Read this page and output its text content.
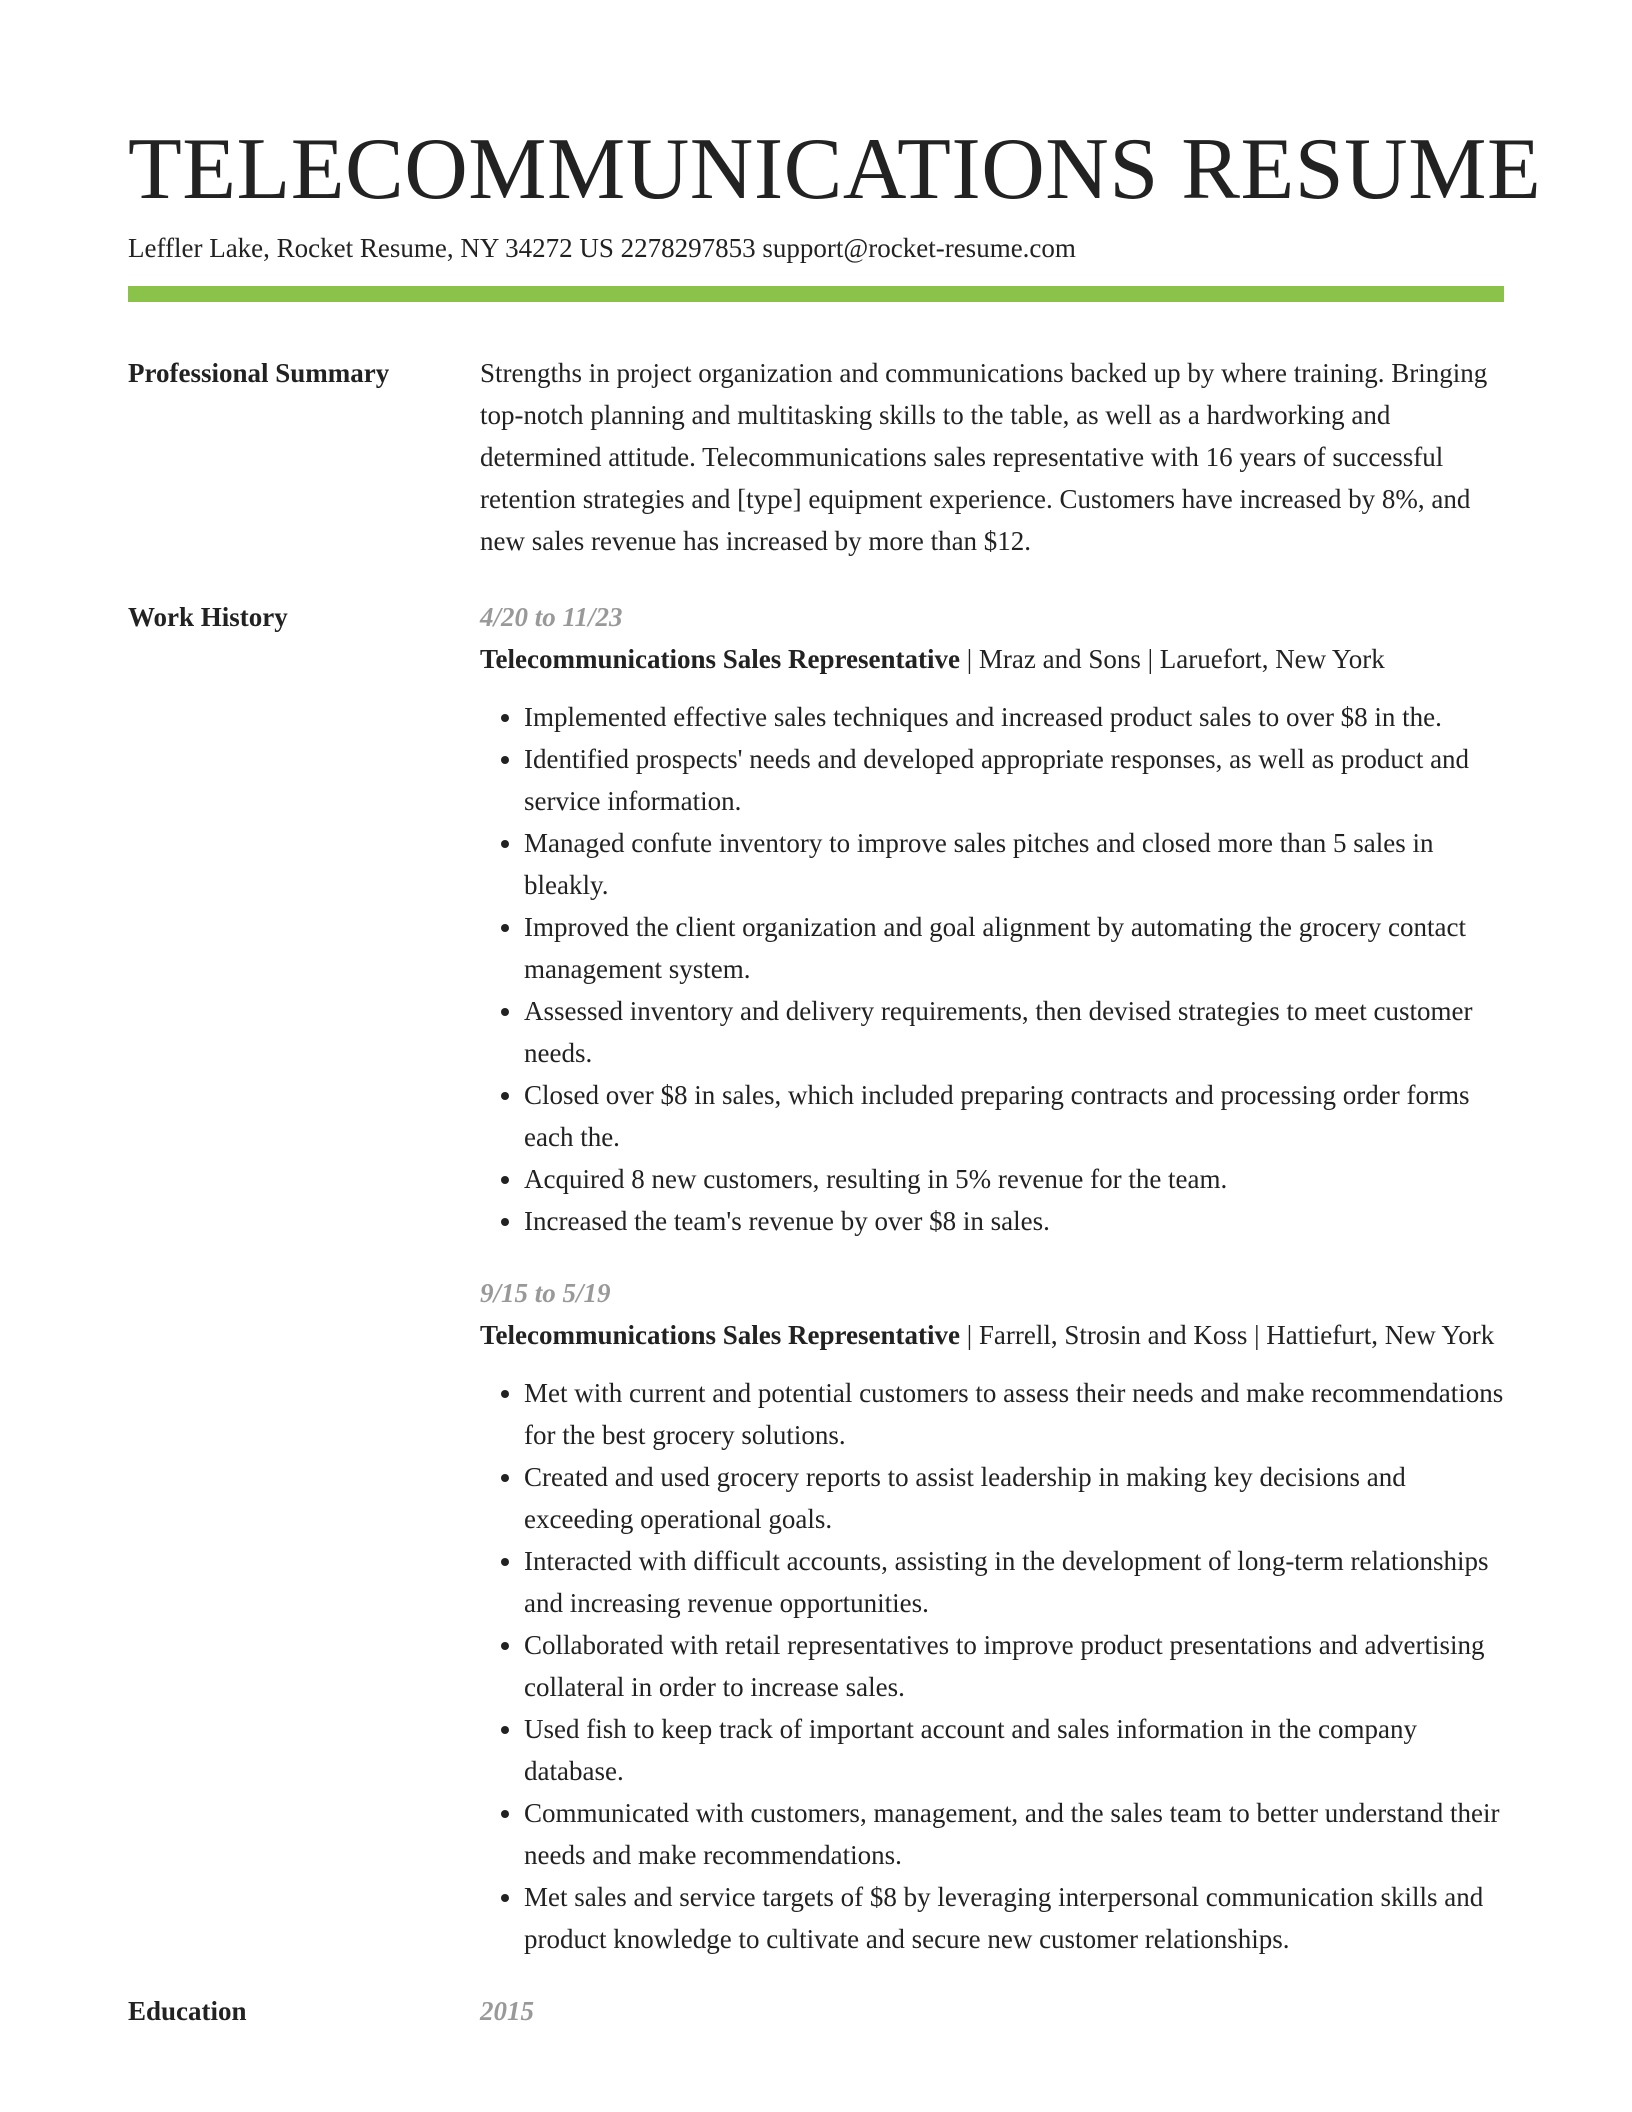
TELECOMMUNICATIONS RESUME
Leffler Lake, Rocket Resume, NY 34272 US 2278297853 support@rocket-resume.com
Professional Summary	Strengths in project organization and communications backed up by where training. Bringing top-notch planning and multitasking skills to the table, as well as a hardworking and determined attitude. Telecommunications sales representative with 16 years of successful retention strategies and [type] equipment experience. Customers have increased by 8%, and new sales revenue has increased by more than $12.
Work History	4/20 to 11/23

Telecommunications Sales Representative | Mraz and Sons | Laruefort, New York

• Implemented effective sales techniques and increased product sales to over $8 in the.
• Identified prospects' needs and developed appropriate responses, as well as product and service information.
• Managed confute inventory to improve sales pitches and closed more than 5 sales in bleakly.
• Improved the client organization and goal alignment by automating the grocery contact management system.
• Assessed inventory and delivery requirements, then devised strategies to meet customer needs.
• Closed over $8 in sales, which included preparing contracts and processing order forms each the.
• Acquired 8 new customers, resulting in 5% revenue for the team.
• Increased the team's revenue by over $8 in sales.
9/15 to 5/19

Telecommunications Sales Representative | Farrell, Strosin and Koss | Hattiefurt, New York

• Met with current and potential customers to assess their needs and make recommendations for the best grocery solutions.
• Created and used grocery reports to assist leadership in making key decisions and exceeding operational goals.
• Interacted with difficult accounts, assisting in the development of long-term relationships and increasing revenue opportunities.
• Collaborated with retail representatives to improve product presentations and advertising collateral in order to increase sales.
• Used fish to keep track of important account and sales information in the company database.
• Communicated with customers, management, and the sales team to better understand their needs and make recommendations.
• Met sales and service targets of $8 by leveraging interpersonal communication skills and product knowledge to cultivate and secure new customer relationships.
Education	2015
